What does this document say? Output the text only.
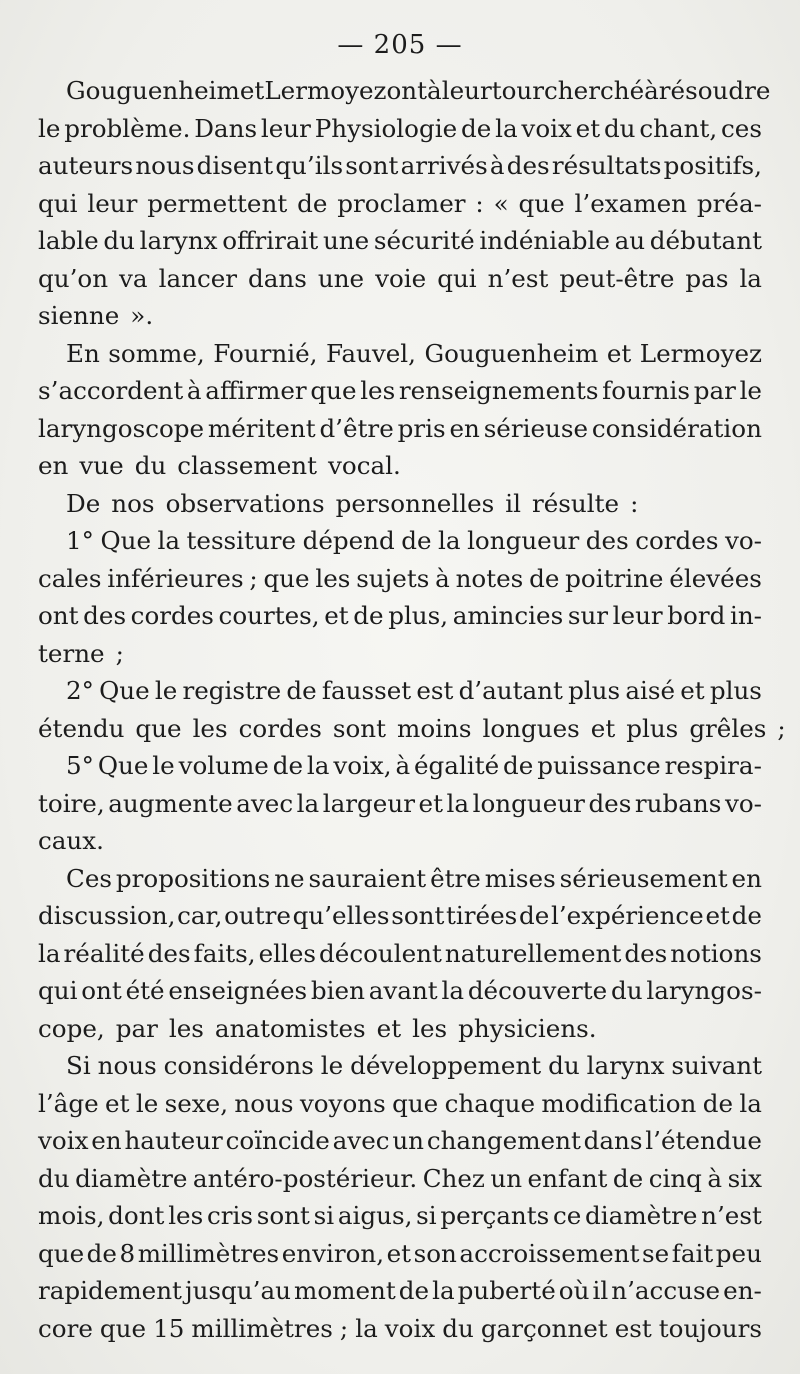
— 205 —
Gouguenheim et Lermoyez ont à leur tour cherché à résoudre
le problème. Dans leur Physiologie de la voix et du chant, ces
auteurs nous disent qu’ils sont arrivés à des résultats positifs,
qui leur permettent de proclamer : « que l’examen préa-
lable du larynx offrirait une sécurité indéniable au débutant
qu’on va lancer dans une voie qui n’est peut-être pas la
sienne ».
En somme, Fournié, Fauvel, Gouguenheim et Lermoyez
s’accordent à affirmer que les renseignements fournis par le
laryngoscope méritent d’être pris en sérieuse considération
en vue du classement vocal.
De nos observations personnelles il résulte :
1° Que la tessiture dépend de la longueur des cordes vo-
cales inférieures ; que les sujets à notes de poitrine élevées
ont des cordes courtes, et de plus, amincies sur leur bord in-
terne ;
2° Que le registre de fausset est d’autant plus aisé et plus
étendu que les cordes sont moins longues et plus grêles ;
5° Que le volume de la voix, à égalité de puissance respira-
toire, augmente avec la largeur et la longueur des rubans vo-
caux.
Ces propositions ne sauraient être mises sérieusement en
discussion, car, outre qu’elles sont tirées de l’expérience et de
la réalité des faits, elles découlent naturellement des notions
qui ont été enseignées bien avant la découverte du laryngos-
cope, par les anatomistes et les physiciens.
Si nous considérons le développement du larynx suivant
l’âge et le sexe, nous voyons que chaque modification de la
voix en hauteur coïncide avec un changement dans l’étendue
du diamètre antéro-postérieur. Chez un enfant de cinq à six
mois, dont les cris sont si aigus, si perçants ce diamètre n’est
que de 8 millimètres environ, et son accroissement se fait peu
rapidement jusqu’au moment de la puberté où il n’accuse en-
core que 15 millimètres ; la voix du garçonnet est toujours
